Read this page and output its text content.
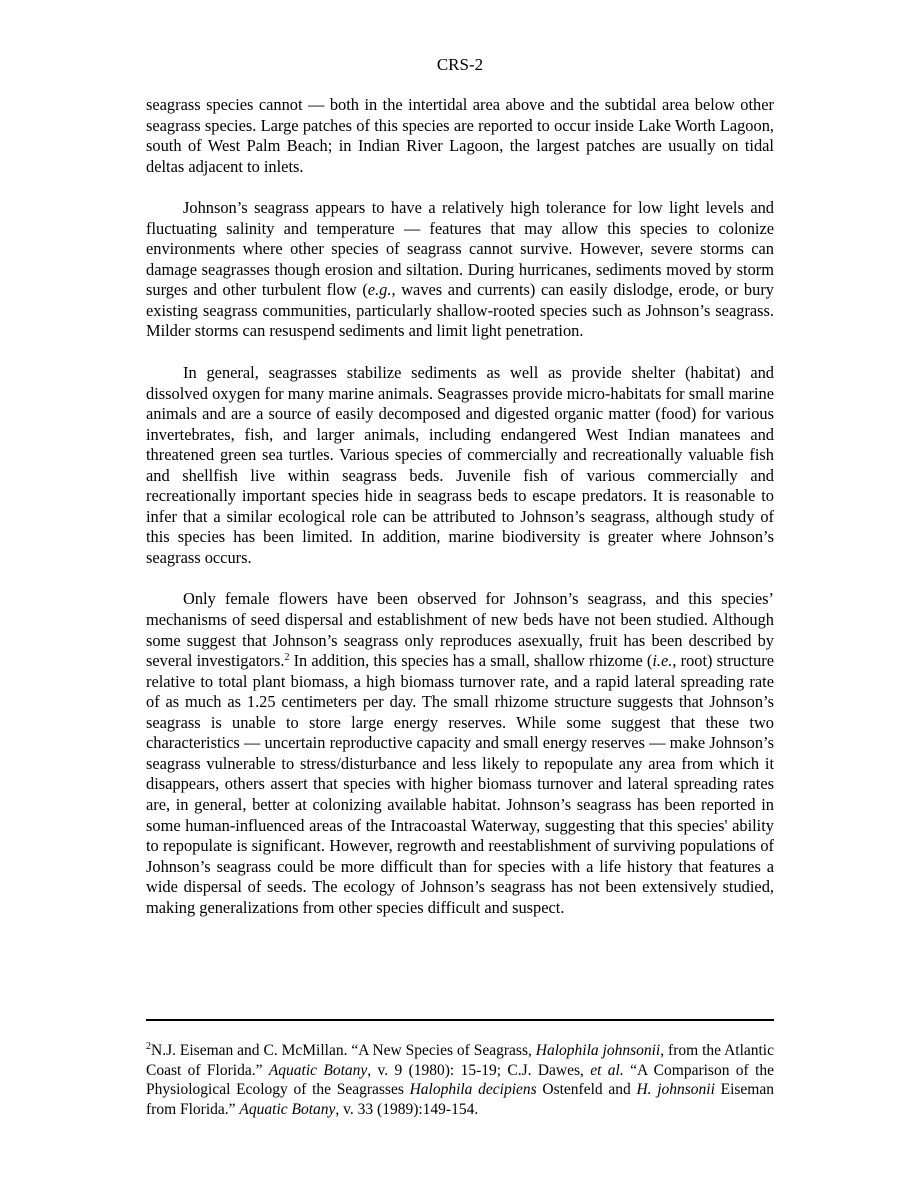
CRS-2

seagrass species cannot — both in the intertidal area above and the subtidal area below other seagrass species. Large patches of this species are reported to occur inside Lake Worth Lagoon, south of West Palm Beach; in Indian River Lagoon, the largest patches are usually on tidal deltas adjacent to inlets.

Johnson’s seagrass appears to have a relatively high tolerance for low light levels and fluctuating salinity and temperature — features that may allow this species to colonize environments where other species of seagrass cannot survive. However, severe storms can damage seagrasses though erosion and siltation. During hurricanes, sediments moved by storm surges and other turbulent flow (e.g., waves and currents) can easily dislodge, erode, or bury existing seagrass communities, particularly shallow-rooted species such as Johnson’s seagrass. Milder storms can resuspend sediments and limit light penetration.

In general, seagrasses stabilize sediments as well as provide shelter (habitat) and dissolved oxygen for many marine animals. Seagrasses provide micro-habitats for small marine animals and are a source of easily decomposed and digested organic matter (food) for various invertebrates, fish, and larger animals, including endangered West Indian manatees and threatened green sea turtles. Various species of commercially and recreationally valuable fish and shellfish live within seagrass beds. Juvenile fish of various commercially and recreationally important species hide in seagrass beds to escape predators. It is reasonable to infer that a similar ecological role can be attributed to Johnson’s seagrass, although study of this species has been limited. In addition, marine biodiversity is greater where Johnson’s seagrass occurs.

Only female flowers have been observed for Johnson’s seagrass, and this species’ mechanisms of seed dispersal and establishment of new beds have not been studied. Although some suggest that Johnson’s seagrass only reproduces asexually, fruit has been described by several investigators.$^2$ In addition, this species has a small, shallow rhizome (i.e., root) structure relative to total plant biomass, a high biomass turnover rate, and a rapid lateral spreading rate of as much as 1.25 centimeters per day. The small rhizome structure suggests that Johnson’s seagrass is unable to store large energy reserves. While some suggest that these two characteristics — uncertain reproductive capacity and small energy reserves — make Johnson’s seagrass vulnerable to stress/disturbance and less likely to repopulate any area from which it disappears, others assert that species with higher biomass turnover and lateral spreading rates are, in general, better at colonizing available habitat. Johnson’s seagrass has been reported in some human-influenced areas of the Intracoastal Waterway, suggesting that this species' ability to repopulate is significant. However, regrowth and reestablishment of surviving populations of Johnson’s seagrass could be more difficult than for species with a life history that features a wide dispersal of seeds. The ecology of Johnson’s seagrass has not been extensively studied, making generalizations from other species difficult and suspect.

$^2$N.J. Eiseman and C. McMillan. “A New Species of Seagrass, Halophila johnsonii, from the Atlantic Coast of Florida.” Aquatic Botany, v. 9 (1980): 15-19; C.J. Dawes, et al. “A Comparison of the Physiological Ecology of the Seagrasses Halophila decipiens Ostenfeld and H. johnsonii Eiseman from Florida.” Aquatic Botany, v. 33 (1989):149-154.
